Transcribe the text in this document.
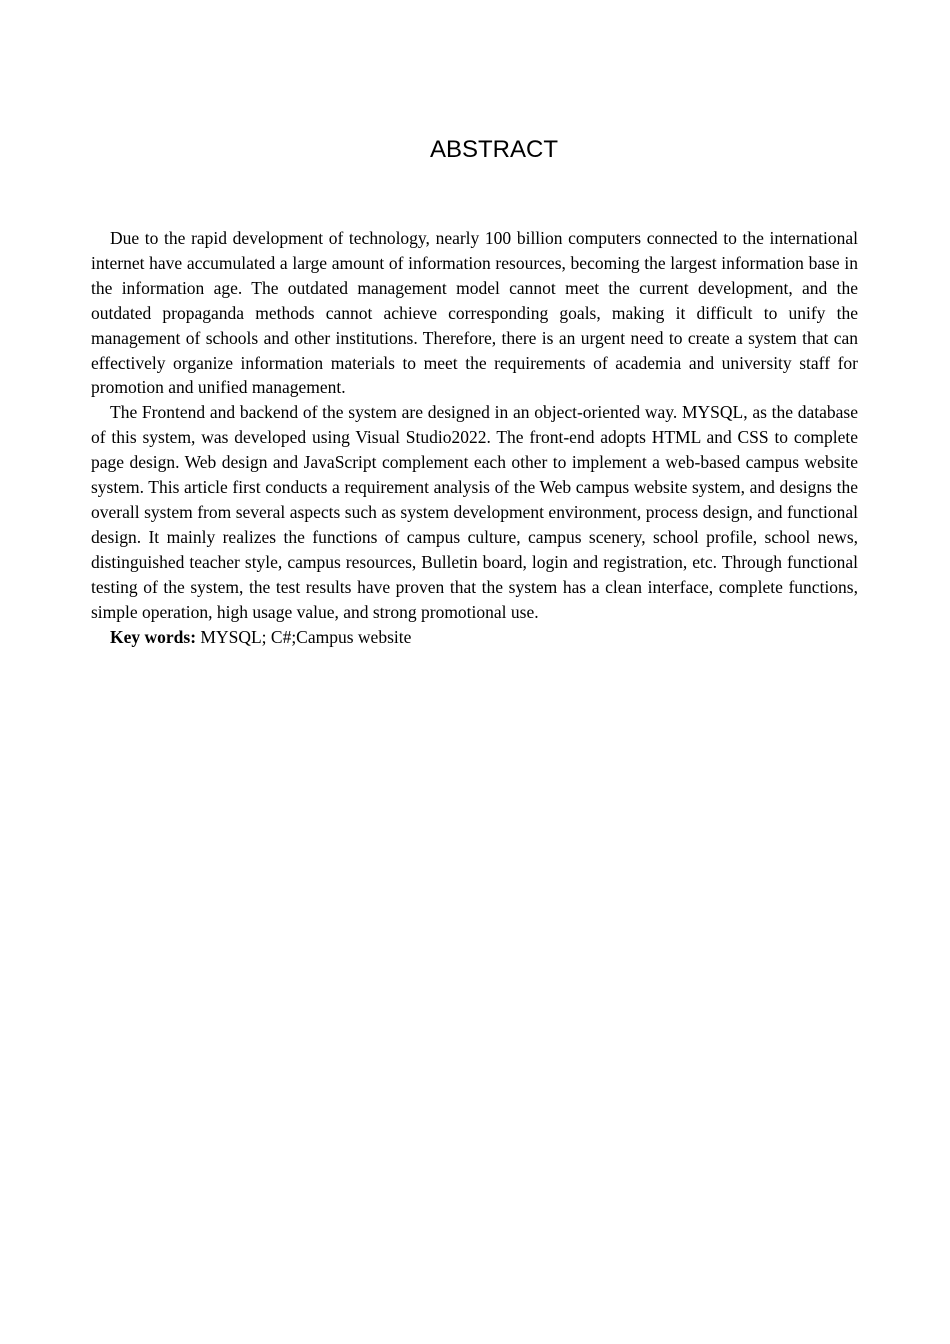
ABSTRACT

Due to the rapid development of technology, nearly 100 billion computers connected to the international internet have accumulated a large amount of information resources, becoming the largest information base in the information age. The outdated management model cannot meet the current development, and the outdated propaganda methods cannot achieve corresponding goals, making it difficult to unify the management of schools and other institutions. Therefore, there is an urgent need to create a system that can effectively organize information materials to meet the requirements of academia and university staff for promotion and unified management.

The Frontend and backend of the system are designed in an object-oriented way. MYSQL, as the database of this system, was developed using Visual Studio2022. The front-end adopts HTML and CSS to complete page design. Web design and JavaScript complement each other to implement a web-based campus website system. This article first conducts a requirement analysis of the Web campus website system, and designs the overall system from several aspects such as system development environment, process design, and functional design. It mainly realizes the functions of campus culture, campus scenery, school profile, school news, distinguished teacher style, campus resources, Bulletin board, login and registration, etc. Through functional testing of the system, the test results have proven that the system has a clean interface, complete functions, simple operation, high usage value, and strong promotional use.

Key words: MYSQL; C#;Campus website
